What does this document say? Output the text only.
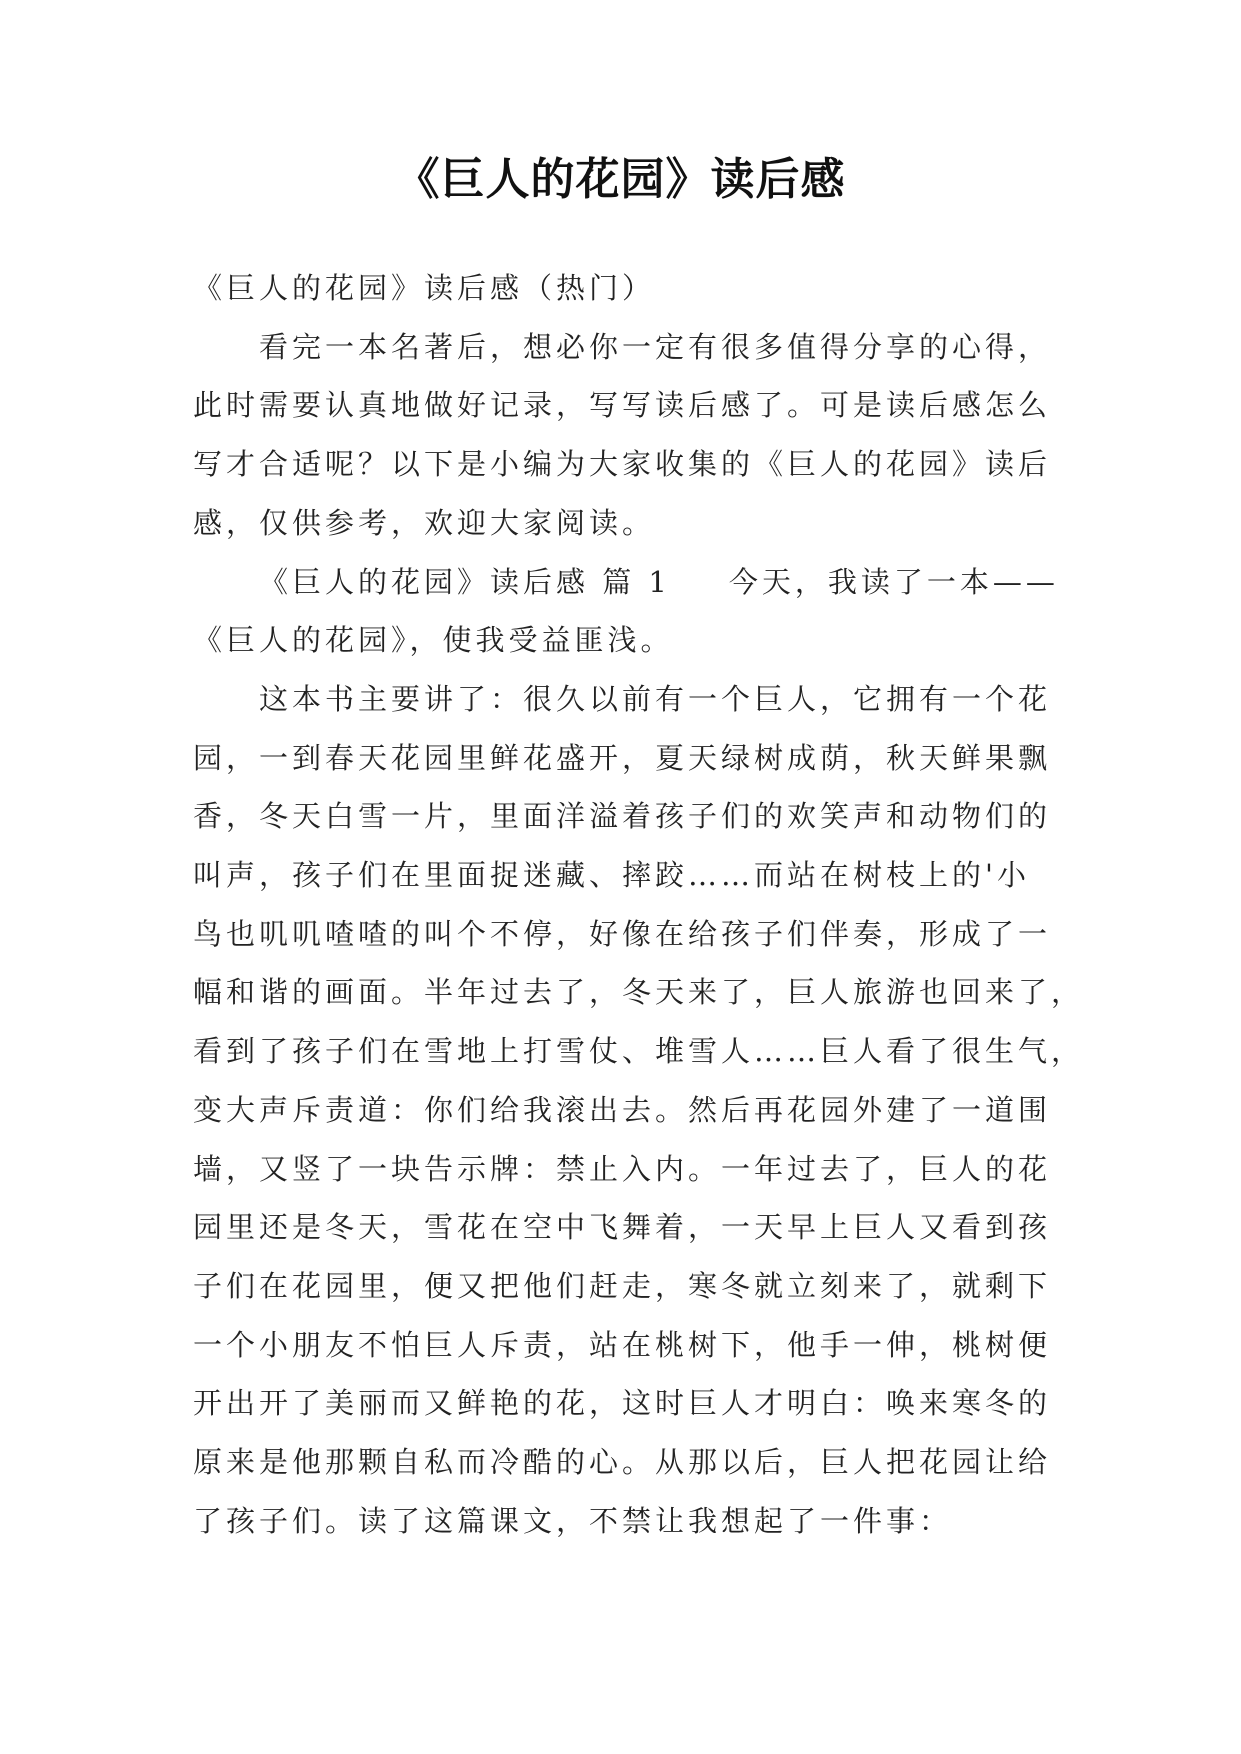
《巨人的花园》读后感
《巨人的花园》读后感（热门）
看完一本名著后，想必你一定有很多值得分享的心得，
此时需要认真地做好记录，写写读后感了。可是读后感怎么
写才合适呢？以下是小编为大家收集的《巨人的花园》读后
感，仅供参考，欢迎大家阅读。
《巨人的花园》读后感 篇 1 今天，我读了一本——
《巨人的花园》，使我受益匪浅。
这本书主要讲了：很久以前有一个巨人，它拥有一个花
园，一到春天花园里鲜花盛开，夏天绿树成荫，秋天鲜果飘
香，冬天白雪一片，里面洋溢着孩子们的欢笑声和动物们的
叫声，孩子们在里面捉迷藏、摔跤……而站在树枝上的'小
鸟也叽叽喳喳的叫个不停，好像在给孩子们伴奏，形成了一
幅和谐的画面。半年过去了，冬天来了，巨人旅游也回来了，
看到了孩子们在雪地上打雪仗、堆雪人……巨人看了很生气，
变大声斥责道：你们给我滚出去。然后再花园外建了一道围
墙，又竖了一块告示牌：禁止入内。一年过去了，巨人的花
园里还是冬天，雪花在空中飞舞着，一天早上巨人又看到孩
子们在花园里，便又把他们赶走，寒冬就立刻来了，就剩下
一个小朋友不怕巨人斥责，站在桃树下，他手一伸，桃树便
开出开了美丽而又鲜艳的花，这时巨人才明白：唤来寒冬的
原来是他那颗自私而冷酷的心。从那以后，巨人把花园让给
了孩子们。读了这篇课文，不禁让我想起了一件事：
